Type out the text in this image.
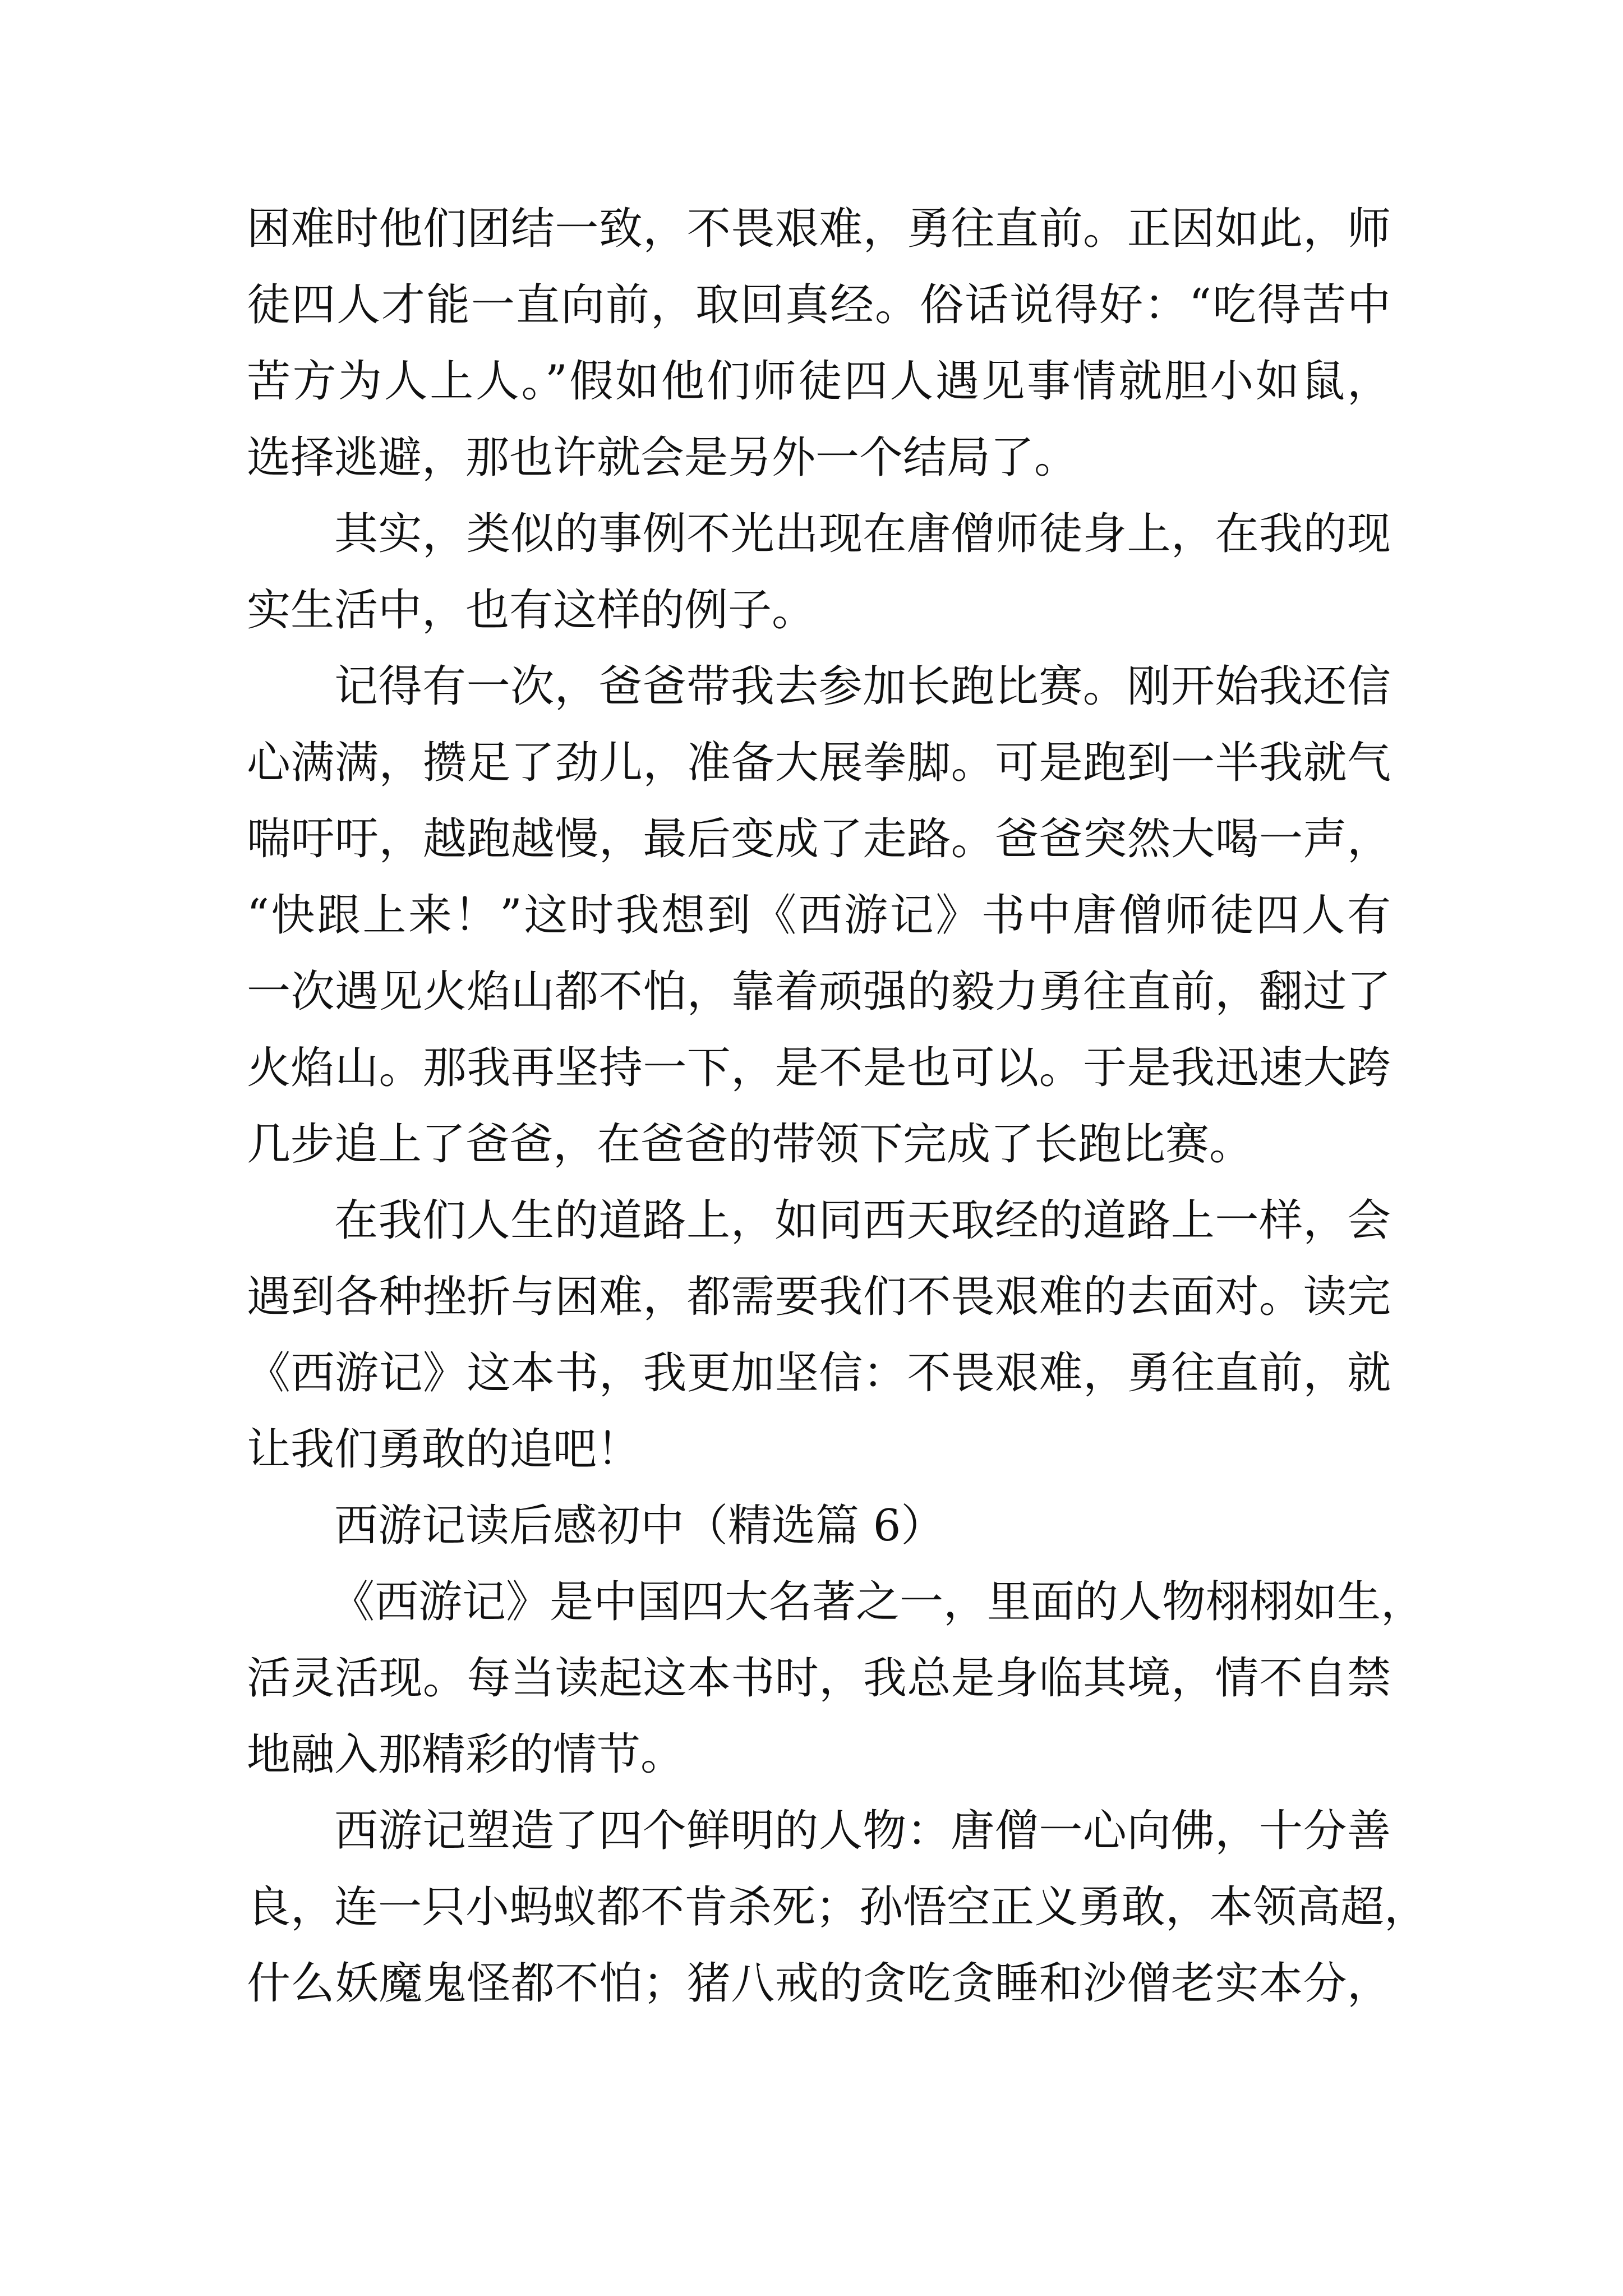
困难时他们团结一致，不畏艰难，勇往直前。正因如此，师
徒四人才能一直向前，取回真经。俗话说得好：“吃得苦中
苦方为人上人。”假如他们师徒四人遇见事情就胆小如鼠，
选择逃避，那也许就会是另外一个结局了。
其实，类似的事例不光出现在唐僧师徒身上，在我的现
实生活中，也有这样的例子。
记得有一次，爸爸带我去参加长跑比赛。刚开始我还信
心满满，攒足了劲儿，准备大展拳脚。可是跑到一半我就气
喘吁吁，越跑越慢，最后变成了走路。爸爸突然大喝一声，
“快跟上来！”这时我想到《西游记》书中唐僧师徒四人有
一次遇见火焰山都不怕，靠着顽强的毅力勇往直前，翻过了
火焰山。那我再坚持一下，是不是也可以。于是我迅速大跨
几步追上了爸爸，在爸爸的带领下完成了长跑比赛。
在我们人生的道路上，如同西天取经的道路上一样，会
遇到各种挫折与困难，都需要我们不畏艰难的去面对。读完
《西游记》这本书，我更加坚信：不畏艰难，勇往直前，就
让我们勇敢的追吧！
西游记读后感初中（精选篇 6）
《西游记》是中国四大名著之一，里面的人物栩栩如生，
活灵活现。每当读起这本书时，我总是身临其境，情不自禁
地融入那精彩的情节。
西游记塑造了四个鲜明的人物：唐僧一心向佛，十分善
良，连一只小蚂蚁都不肯杀死；孙悟空正义勇敢，本领高超，
什么妖魔鬼怪都不怕；猪八戒的贪吃贪睡和沙僧老实本分，
